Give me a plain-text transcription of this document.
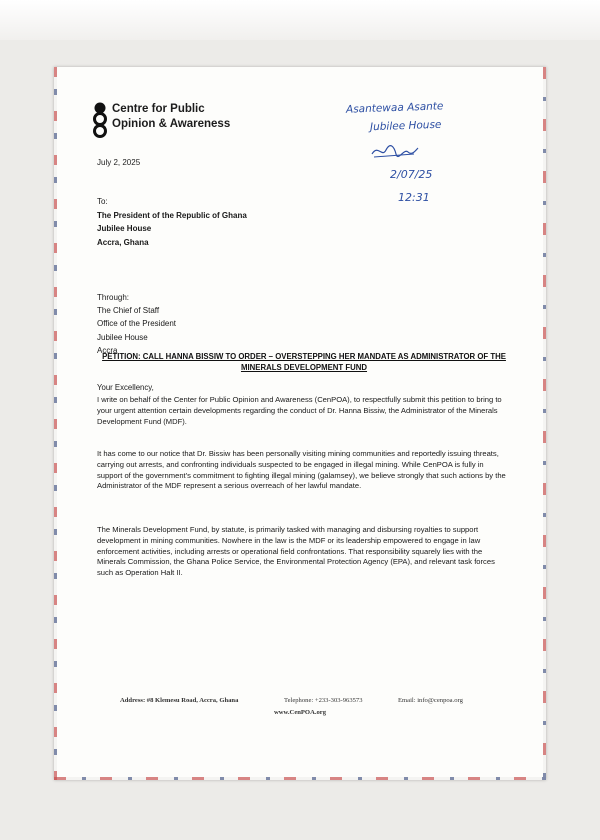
Centre for Public
Opinion & Awareness
Asantewaa Asante
Jubilee House
2/07/25
12:31
July 2, 2025
To:
The President of the Republic of Ghana
Jubilee House
Accra, Ghana
Through:
The Chief of Staff
Office of the President
Jubilee House
Accra
PETITION: CALL HANNA BISSIW TO ORDER – OVERSTEPPING HER MANDATE AS ADMINISTRATOR OF THE MINERALS DEVELOPMENT FUND
Your Excellency,
I write on behalf of the Center for Public Opinion and Awareness (CenPOA), to respectfully submit this petition to bring to your urgent attention certain developments regarding the conduct of Dr. Hanna Bissiw, the Administrator of the Minerals Development Fund (MDF).
It has come to our notice that Dr. Bissiw has been personally visiting mining communities and reportedly issuing threats, carrying out arrests, and confronting individuals suspected to be engaged in illegal mining. While CenPOA is fully in support of the government's commitment to fighting illegal mining (galamsey), we believe strongly that such actions by the Administrator of the MDF represent a serious overreach of her lawful mandate.
The Minerals Development Fund, by statute, is primarily tasked with managing and disbursing royalties to support development in mining communities. Nowhere in the law is the MDF or its leadership empowered to engage in law enforcement activities, including arrests or operational field confrontations. That responsibility squarely lies with the Minerals Commission, the Ghana Police Service, the Environmental Protection Agency (EPA), and relevant task forces such as Operation Halt II.
Address: #8 Klemesu Road, Accra, Ghana	Telephone: +233-303-963573	Email: info@cenpoa.org
www.CenPOA.org
